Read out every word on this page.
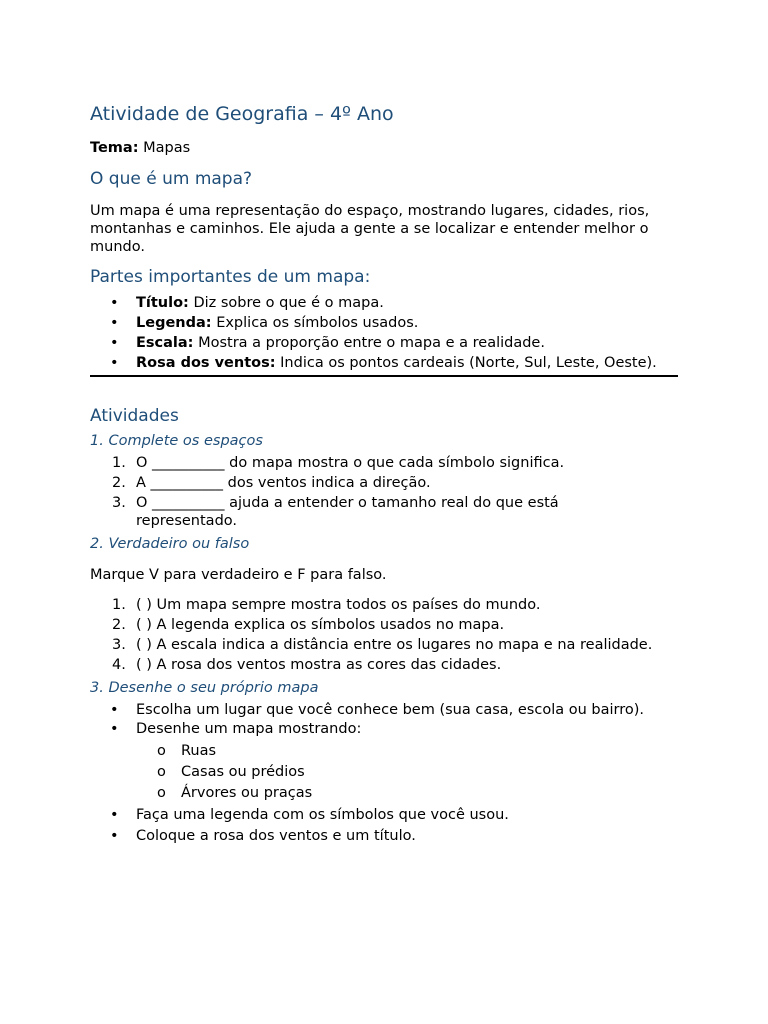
Atividade de Geografia – 4º Ano

Tema: Mapas

O que é um mapa?

Um mapa é uma representação do espaço, mostrando lugares, cidades, rios, montanhas e caminhos. Ele ajuda a gente a se localizar e entender melhor o mundo.

Partes importantes de um mapa:
• Título: Diz sobre o que é o mapa.
• Legenda: Explica os símbolos usados.
• Escala: Mostra a proporção entre o mapa e a realidade.
• Rosa dos ventos: Indica os pontos cardeais (Norte, Sul, Leste, Oeste).
Atividades
1. Complete os espaços
1. O __________ do mapa mostra o que cada símbolo significa.
2. A __________ dos ventos indica a direção.
3. O __________ ajuda a entender o tamanho real do que está representado.
2. Verdadeiro ou falso

Marque V para verdadeiro e F para falso.

1. ( ) Um mapa sempre mostra todos os países do mundo.
2. ( ) A legenda explica os símbolos usados no mapa.
3. ( ) A escala indica a distância entre os lugares no mapa e na realidade.
4. ( ) A rosa dos ventos mostra as cores das cidades.
3. Desenhe o seu próprio mapa
• Escolha um lugar que você conhece bem (sua casa, escola ou bairro).
• Desenhe um mapa mostrando:
o Ruas
o Casas ou prédios
o Árvores ou praças
• Faça uma legenda com os símbolos que você usou.
• Coloque a rosa dos ventos e um título.
